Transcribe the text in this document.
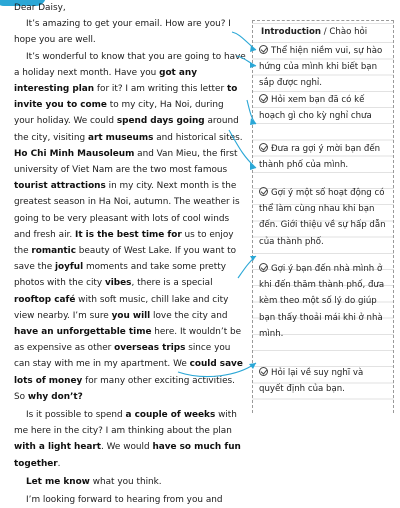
Dear Daisy,

It’s amazing to get your email. How are you? I hope you are well.

It’s wonderful to know that you are going to have a holiday next month. Have you got any interesting plan for it? I am writing this letter to invite you to come to my city, Ha Noi, during your holiday. We could spend days going around the city, visiting art museums and historical sites. Ho Chi Minh Mausoleum and Van Mieu, the first university of Viet Nam are the two most famous tourist attractions in my city. Next month is the greatest season in Ha Noi, autumn. The weather is going to be very pleasant with lots of cool winds and fresh air. It is the best time for us to enjoy the romantic beauty of West Lake. If you want to save the joyful moments and take some pretty photos with the city vibes, there is a special rooftop café with soft music, chill lake and city view nearby. I’m sure you will love the city and have an unforgettable time here. It wouldn’t be as expensive as other overseas trips since you can stay with me in my apartment. We could save lots of money for many other exciting activities. So why don’t?

Is it possible to spend a couple of weeks with me here in the city? I am thinking about the plan with a light heart. We would have so much fun together.

Let me know what you think.

I’m looking forward to hearing from you and

Introduction / Chào hỏi
Thể hiện niềm vui, sự hào hứng của mình khi biết bạn sắp được nghỉ.
Hỏi xem bạn đã có kế hoạch gì cho kỳ nghỉ chưa
Đưa ra gợi ý mời bạn đến thành phố của mình.
Gợi ý một số hoạt động có thể làm cùng nhau khi bạn đến. Giới thiệu về sự hấp dẫn của thành phố.
Gợi ý bạn đến nhà mình ở khi đến thăm thành phố, đưa kèm theo một số lý do giúp bạn thấy thoải mái khi ở nhà mình.
Hỏi lại về suy nghĩ và quyết định của bạn.
